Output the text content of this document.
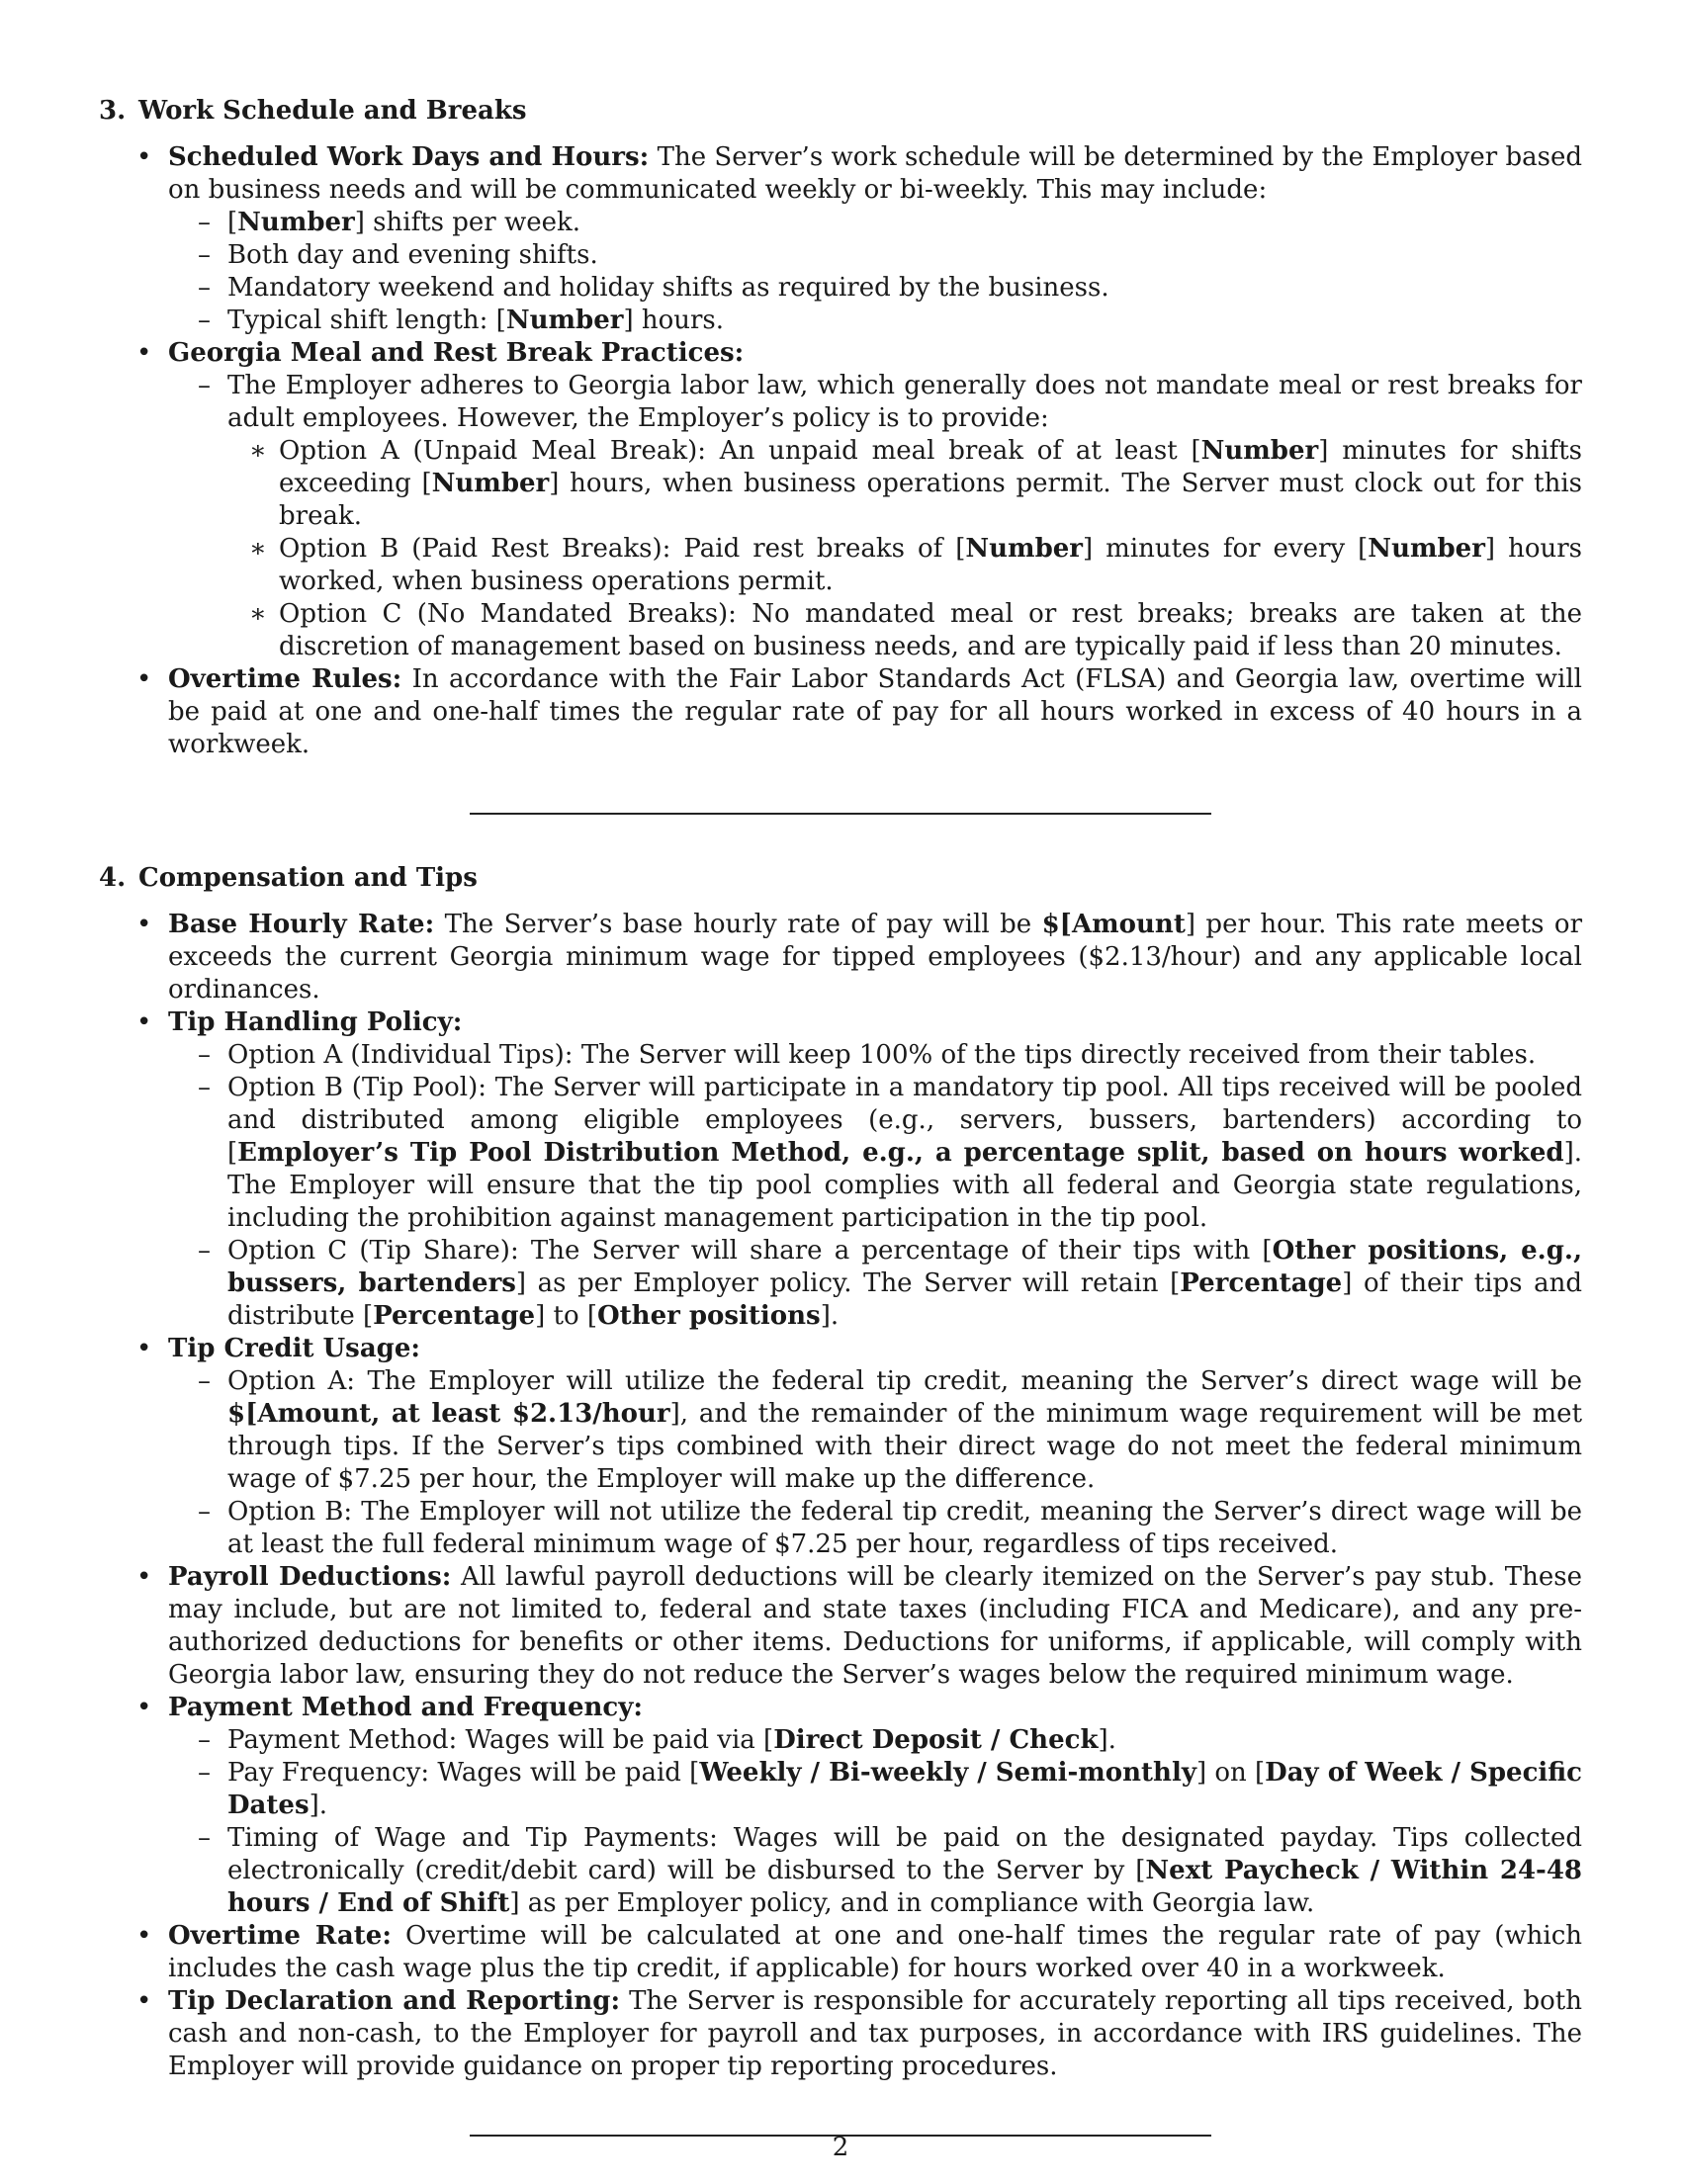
3. Work Schedule and Breaks
• Scheduled Work Days and Hours: The Server’s work schedule will be determined by the Employer based on business needs and will be communicated weekly or bi-weekly. This may include:
– [Number] shifts per week.
– Both day and evening shifts.
– Mandatory weekend and holiday shifts as required by the business.
– Typical shift length: [Number] hours.
• Georgia Meal and Rest Break Practices:
– The Employer adheres to Georgia labor law, which generally does not mandate meal or rest breaks for adult employees. However, the Employer’s policy is to provide:
∗ Option A (Unpaid Meal Break): An unpaid meal break of at least [Number] minutes for shifts exceeding [Number] hours, when business operations permit. The Server must clock out for this break.
∗ Option B (Paid Rest Breaks): Paid rest breaks of [Number] minutes for every [Number] hours worked, when business operations permit.
∗ Option C (No Mandated Breaks): No mandated meal or rest breaks; breaks are taken at the discretion of management based on business needs, and are typically paid if less than 20 minutes.
• Overtime Rules: In accordance with the Fair Labor Standards Act (FLSA) and Georgia law, overtime will be paid at one and one-half times the regular rate of pay for all hours worked in excess of 40 hours in a workweek.
4. Compensation and Tips
• Base Hourly Rate: The Server’s base hourly rate of pay will be $[Amount] per hour. This rate meets or exceeds the current Georgia minimum wage for tipped employees ($2.13/hour) and any applicable local ordinances.
• Tip Handling Policy:
– Option A (Individual Tips): The Server will keep 100% of the tips directly received from their tables.
– Option B (Tip Pool): The Server will participate in a mandatory tip pool. All tips received will be pooled and distributed among eligible employees (e.g., servers, bussers, bartenders) according to [Employer’s Tip Pool Distribution Method, e.g., a percentage split, based on hours worked]. The Employer will ensure that the tip pool complies with all federal and Georgia state regulations, including the prohibition against management participation in the tip pool.
– Option C (Tip Share): The Server will share a percentage of their tips with [Other positions, e.g., bussers, bartenders] as per Employer policy. The Server will retain [Percentage] of their tips and distribute [Percentage] to [Other positions].
• Tip Credit Usage:
– Option A: The Employer will utilize the federal tip credit, meaning the Server’s direct wage will be $[Amount, at least $2.13/hour], and the remainder of the minimum wage requirement will be met through tips. If the Server’s tips combined with their direct wage do not meet the federal minimum wage of $7.25 per hour, the Employer will make up the difference.
– Option B: The Employer will not utilize the federal tip credit, meaning the Server’s direct wage will be at least the full federal minimum wage of $7.25 per hour, regardless of tips received.
• Payroll Deductions: All lawful payroll deductions will be clearly itemized on the Server’s pay stub. These may include, but are not limited to, federal and state taxes (including FICA and Medicare), and any pre-authorized deductions for benefits or other items. Deductions for uniforms, if applicable, will comply with Georgia labor law, ensuring they do not reduce the Server’s wages below the required minimum wage.
• Payment Method and Frequency:
– Payment Method: Wages will be paid via [Direct Deposit / Check].
– Pay Frequency: Wages will be paid [Weekly / Bi-weekly / Semi-monthly] on [Day of Week / Specific Dates].
– Timing of Wage and Tip Payments: Wages will be paid on the designated payday. Tips collected electronically (credit/debit card) will be disbursed to the Server by [Next Paycheck / Within 24-48 hours / End of Shift] as per Employer policy, and in compliance with Georgia law.
• Overtime Rate: Overtime will be calculated at one and one-half times the regular rate of pay (which includes the cash wage plus the tip credit, if applicable) for hours worked over 40 in a workweek.
• Tip Declaration and Reporting: The Server is responsible for accurately reporting all tips received, both cash and non-cash, to the Employer for payroll and tax purposes, in accordance with IRS guidelines. The Employer will provide guidance on proper tip reporting procedures.
2
